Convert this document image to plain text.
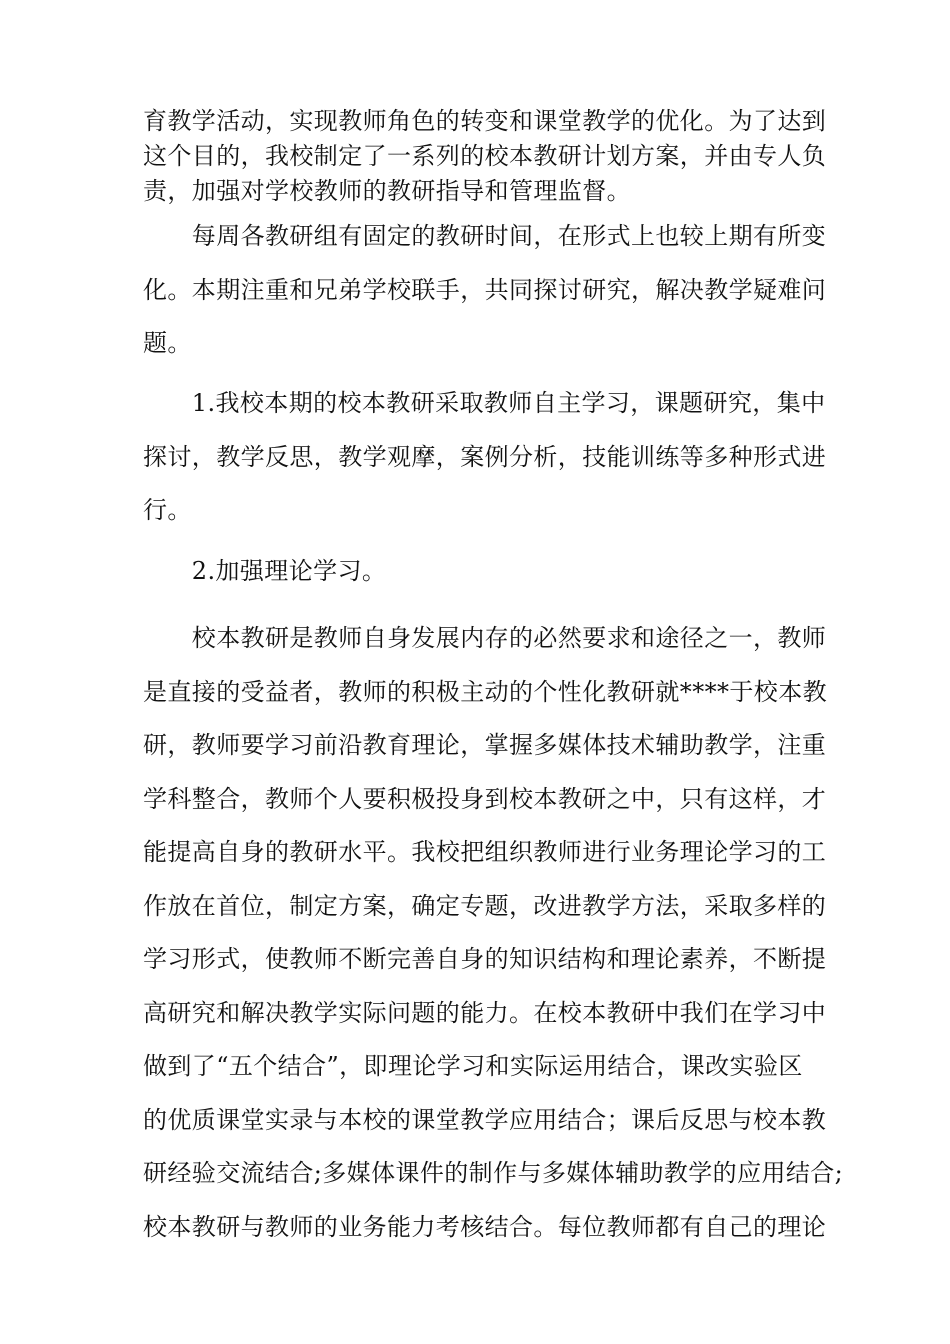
育教学活动，实现教师角色的转变和课堂教学的优化。为了达到
这个目的，我校制定了一系列的校本教研计划方案，并由专人负
责，加强对学校教师的教研指导和管理监督。
　　每周各教研组有固定的教研时间，在形式上也较上期有所变
化。本期注重和兄弟学校联手，共同探讨研究，解决教学疑难问
题。
　　1.我校本期的校本教研采取教师自主学习，课题研究，集中
探讨，教学反思，教学观摩，案例分析，技能训练等多种形式进
行。
　　2.加强理论学习。
　　校本教研是教师自身发展内存的必然要求和途径之一，教师
是直接的受益者，教师的积极主动的个性化教研就****于校本教
研，教师要学习前沿教育理论，掌握多媒体技术辅助教学，注重
学科整合，教师个人要积极投身到校本教研之中，只有这样，才
能提高自身的教研水平。我校把组织教师进行业务理论学习的工
作放在首位，制定方案，确定专题，改进教学方法，采取多样的
学习形式，使教师不断完善自身的知识结构和理论素养，不断提
高研究和解决教学实际问题的能力。在校本教研中我们在学习中
做到了“五个结合”，即理论学习和实际运用结合，课改实验区
的优质课堂实录与本校的课堂教学应用结合；课后反思与校本教
研经验交流结合;多媒体课件的制作与多媒体辅助教学的应用结合;
校本教研与教师的业务能力考核结合。每位教师都有自己的理论
